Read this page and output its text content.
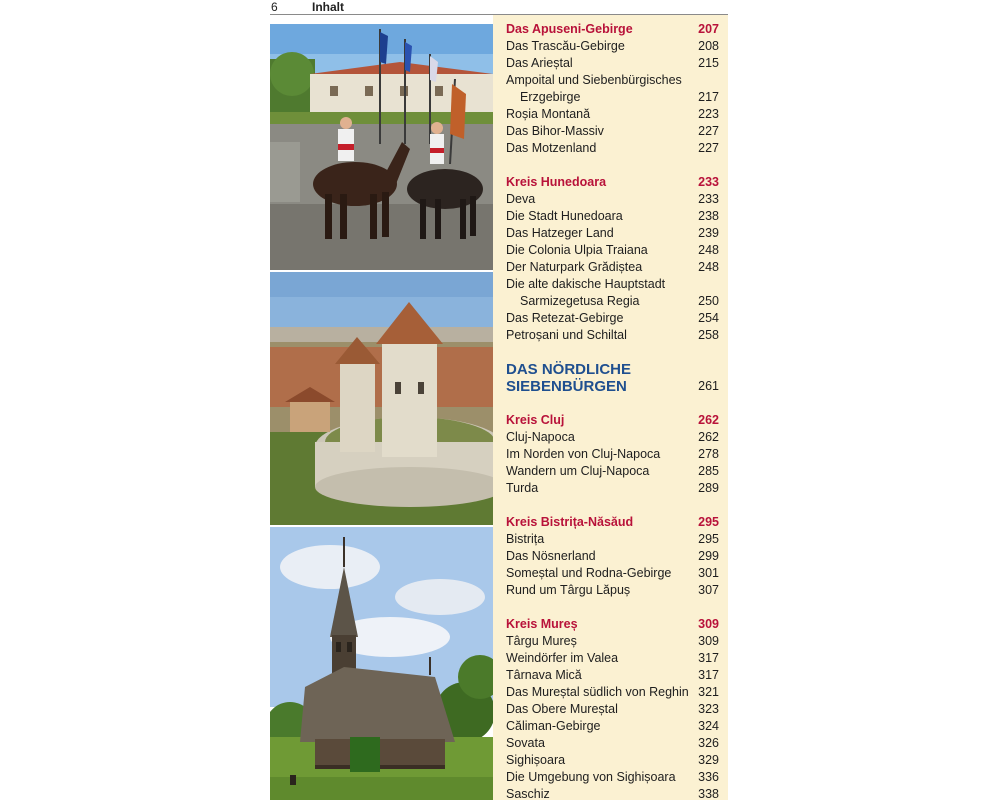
6	Inhalt
Das Apuseni-Gebirge	207
Das Trascău-Gebirge	208
Das Arieștal	215
Ampoital und Siebenbürgisches
Erzgebirge	217
Roșia Montană	223
Das Bihor-Massiv	227
Das Motzenland	227
Kreis Hunedoara	233
Deva	233
Die Stadt Hunedoara	238
Das Hatzeger Land	239
Die Colonia Ulpia Traiana	248
Der Naturpark Grădiștea	248
Die alte dakische Hauptstadt
Sarmizegetusa Regia	250
Das Retezat-Gebirge	254
Petroșani und Schiltal	258
DAS NÖRDLICHE SIEBENBÜRGEN	261
Kreis Cluj	262
Cluj-Napoca	262
Im Norden von Cluj-Napoca	278
Wandern um Cluj-Napoca	285
Turda	289
Kreis Bistrița-Năsăud	295
Bistrița	295
Das Nösnerland	299
Someștal und Rodna-Gebirge 301
Rund um Târgu Lăpuș	307
Kreis Mureș	309
Târgu Mureș	309
Weindörfer im Valea	317
Târnava Mică	317
Das Mureștal südlich von Reghin 321
Das Obere Mureștal	323
Căliman-Gebirge	324
Sovata	326
Sighișoara	329
Die Umgebung von Sighișoara 336
Saschiz	338
